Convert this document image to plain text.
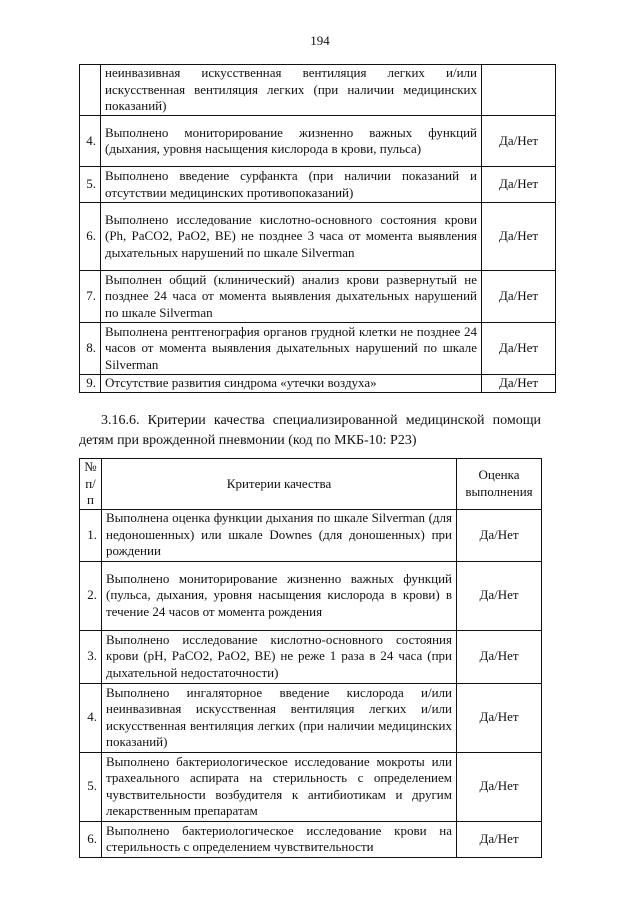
194
	неинвазивная искусственная вентиляция легких и/или искусственная вентиляция легких (при наличии медицинских показаний)	
4.	Выполнено мониторирование жизненно важных функций (дыхания, уровня насыщения кислорода в крови, пульса)	Да/Нет
5.	Выполнено введение сурфанкта (при наличии показаний и отсутствии медицинских противопоказаний)	Да/Нет
6.	Выполнено исследование кислотно-основного состояния крови (Ph, PaCO2, PaO2, BE) не позднее 3 часа от момента выявления дыхательных нарушений по шкале Silverman	Да/Нет
7.	Выполнен общий (клинический) анализ крови развернутый не позднее 24 часа от момента выявления дыхательных нарушений по шкале Silverman	Да/Нет
8.	Выполнена рентгенография органов грудной клетки не позднее 24 часов от момента выявления дыхательных нарушений по шкале Silverman	Да/Нет
9.	Отсутствие развития синдрома «утечки воздуха»	Да/Нет
3.16.6. Критерии качества специализированной медицинской помощи детям при врожденной пневмонии (код по МКБ-10: P23)
№ п/п	Критерии качества	Оценка выполнения
1.	Выполнена оценка функции дыхания по шкале Silverman (для недоношенных) или шкале Downes (для доношенных) при рождении	Да/Нет
2.	Выполнено мониторирование жизненно важных функций (пульса, дыхания, уровня насыщения кислорода в крови) в течение 24 часов от момента рождения	Да/Нет
3.	Выполнено исследование кислотно-основного состояния крови (pH, PaCO2, PaO2, BE) не реже 1 раза в 24 часа (при дыхательной недостаточности)	Да/Нет
4.	Выполнено ингаляторное введение кислорода и/или неинвазивная искусственная вентиляция легких и/или искусственная вентиляция легких (при наличии медицинских показаний)	Да/Нет
5.	Выполнено бактериологическое исследование мокроты или трахеального аспирата на стерильность с определением чувствительности возбудителя к антибиотикам и другим лекарственным препаратам	Да/Нет
6.	Выполнено бактериологическое исследование крови на стерильность с определением чувствительности	Да/Нет
